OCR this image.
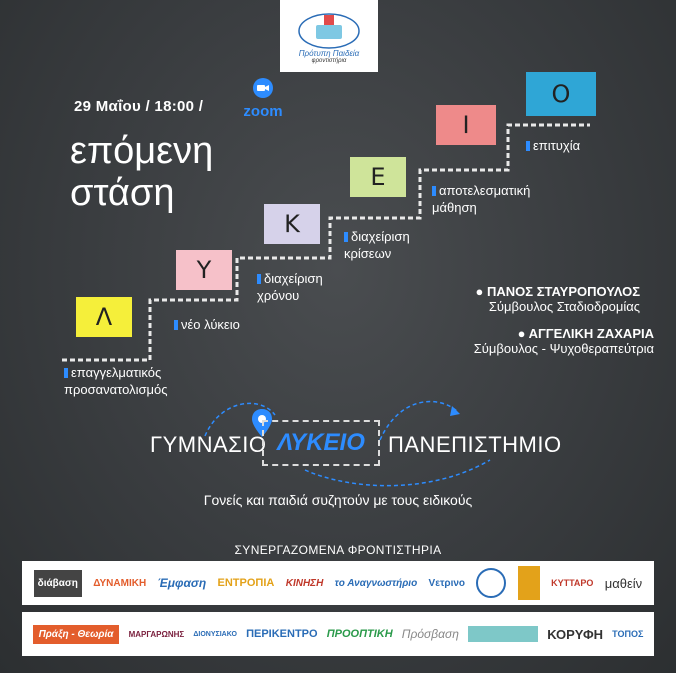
Πρότυπη Παιδεία
φροντιστήρια
29 Μαΐου / 18:00 /	zoom
επόμενη
στάση
Λ
Υ
Κ
Ε
Ι
Ο
επαγγελματικός
προσανατολισμός
νέο λύκειο
διαχείριση
χρόνου
διαχείριση
κρίσεων
αποτελεσματική
μάθηση
επιτυχία
● ΠΑΝΟΣ ΣΤΑΥΡΟΠΟΥΛΟΣ
Σύμβουλος Σταδιοδρομίας
● ΑΓΓΕΛΙΚΗ ΖΑΧΑΡΙΑ
Σύμβουλος - Ψυχοθεραπεύτρια
ΓΥΜΝΑΣΙΟ ΛΥΚΕΙΟ	ΠΑΝΕΠΙΣΤΗΜΙΟ
Γονείς και παιδιά συζητούν με τους ειδικούς
ΣΥΝΕΡΓΑΖΟΜΕΝΑ ΦΡΟΝΤΙΣΤΗΡΙΑ
διάβαση	ΔΥΝΑΜΙΚΗ Έμφαση ΕΝΤΡΟΠΙΑ ΚΙΝΗΣΗ το Αναγνωστήριο Vετρινο	ΚΥΤΤΑΡΟ μαθείν
Πράξη - Θεωρία	ΜΑΡΓΑΡΩΝΗΣ ΔΙΟΝΥΣΙΑΚΟ ΠΕΡΙΚΕΝΤΡΟ ΠΡΟΟΠΤΙΚΗ Πρόσβαση	ΚΟΡΥΦΗ ΤΟΠΟΣ
